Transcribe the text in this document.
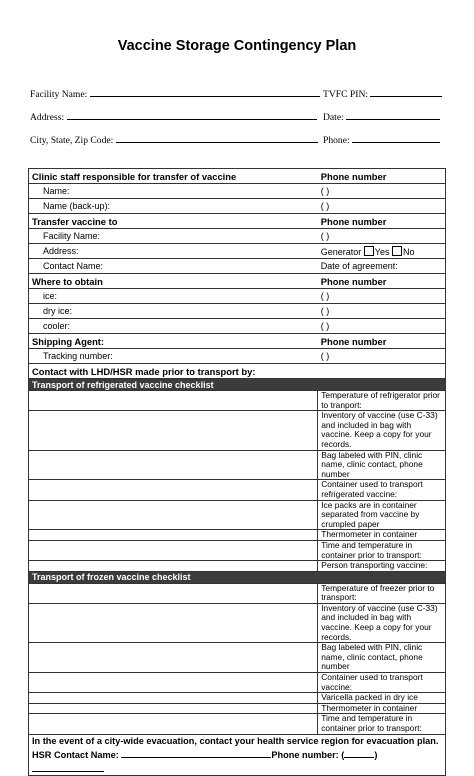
Vaccine Storage Contingency Plan
Facility Name:	TVFC PIN:
Address:	Date:
City, State, Zip Code:	Phone:
Clinic staff responsible for transfer of vaccine	Phone number
Name:	( )
Name (back-up):	( )
Transfer vaccine to	Phone number
Facility Name:	( )
Address:	Generator Yes No
Contact Name:	Date of agreement:
Where to obtain	Phone number
ice:	( )
dry ice:	( )
cooler:	( )
Shipping Agent:	Phone number
Tracking number:	( )
Contact with LHD/HSR made prior to transport by:	
Transport of refrigerated vaccine checklist	
	Temperature of refrigerator prior to tranport:
	Inventory of vaccine (use C-33) and included in bag with vaccine. Keep a copy for your records.
	Bag labeled with PIN, clinic name, clinic contact, phone number
	Container used to transport refrigerated vaccine:
	Ice packs are in container separated from vaccine by crumpled paper
	Thermometer in container
	Time and temperature in container prior to transport:
	Person transporting vaccine:
Transport of frozen vaccine checklist	
	Temperature of freezer prior to transport:
	Inventory of vaccine (use C-33) and included in bag with vaccine. Keep a copy for your records.
	Bag labeled with PIN, clinic name, clinic contact, phone number
	Container used to transport vaccine:
	Varicella packed in dry ice
	Thermometer in container
	Time and temperature in container prior to transport:

In the event of a city-wide evacuation, contact your health service region for evacuation plan.
HSR Contact Name: Phone number: ( )	
